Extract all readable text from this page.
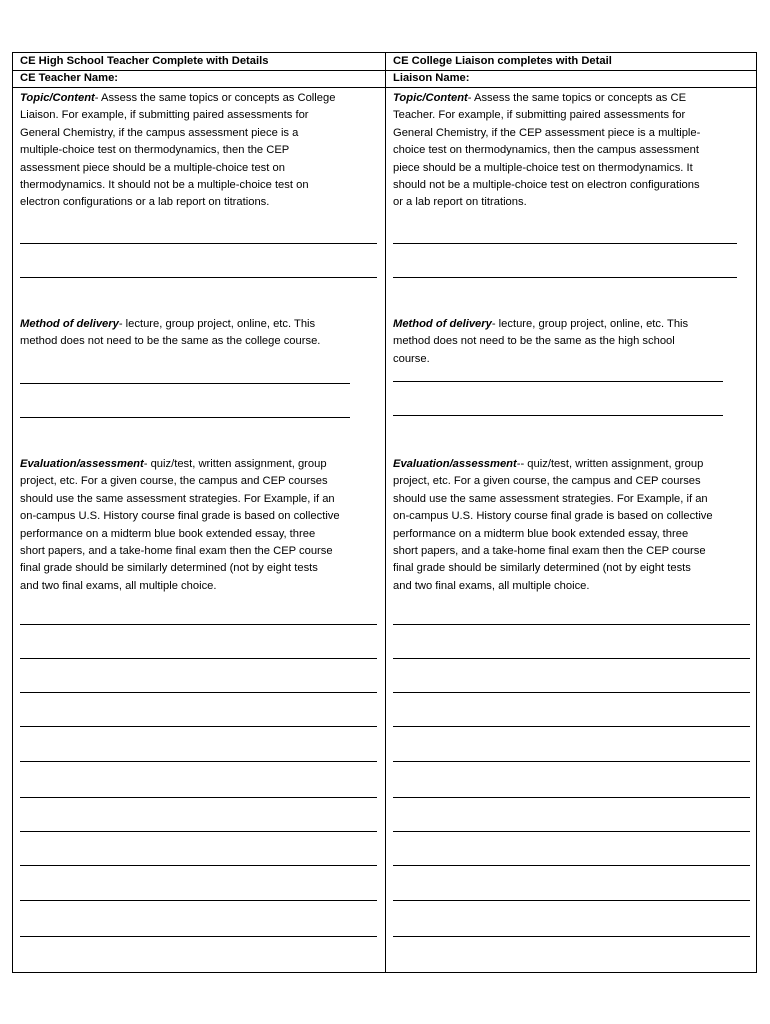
CE High School Teacher Complete with Details
CE Teacher Name:
Topic/Content- Assess the same topics or concepts as College
Liaison. For example, if submitting paired assessments for
General Chemistry, if the campus assessment piece is a
multiple-choice test on thermodynamics, then the CEP
assessment piece should be a multiple-choice test on
thermodynamics. It should not be a multiple-choice test on
electron configurations or a lab report on titrations.
Method of delivery- lecture, group project, online, etc. This
method does not need to be the same as the college course.
Evaluation/assessment- quiz/test, written assignment, group
project, etc. For a given course, the campus and CEP courses
should use the same assessment strategies. For Example, if an
on-campus U.S. History course final grade is based on collective
performance on a midterm blue book extended essay, three
short papers, and a take-home final exam then the CEP course
final grade should be similarly determined (not by eight tests
and two final exams, all multiple choice.
CE College Liaison completes with Detail
Liaison Name:
Topic/Content- Assess the same topics or concepts as CE
Teacher. For example, if submitting paired assessments for
General Chemistry, if the CEP assessment piece is a multiple-
choice test on thermodynamics, then the campus assessment
piece should be a multiple-choice test on thermodynamics. It
should not be a multiple-choice test on electron configurations
or a lab report on titrations.
Method of delivery- lecture, group project, online, etc. This
method does not need to be the same as the high school
course.
Evaluation/assessment-- quiz/test, written assignment, group
project, etc. For a given course, the campus and CEP courses
should use the same assessment strategies. For Example, if an
on-campus U.S. History course final grade is based on collective
performance on a midterm blue book extended essay, three
short papers, and a take-home final exam then the CEP course
final grade should be similarly determined (not by eight tests
and two final exams, all multiple choice.
